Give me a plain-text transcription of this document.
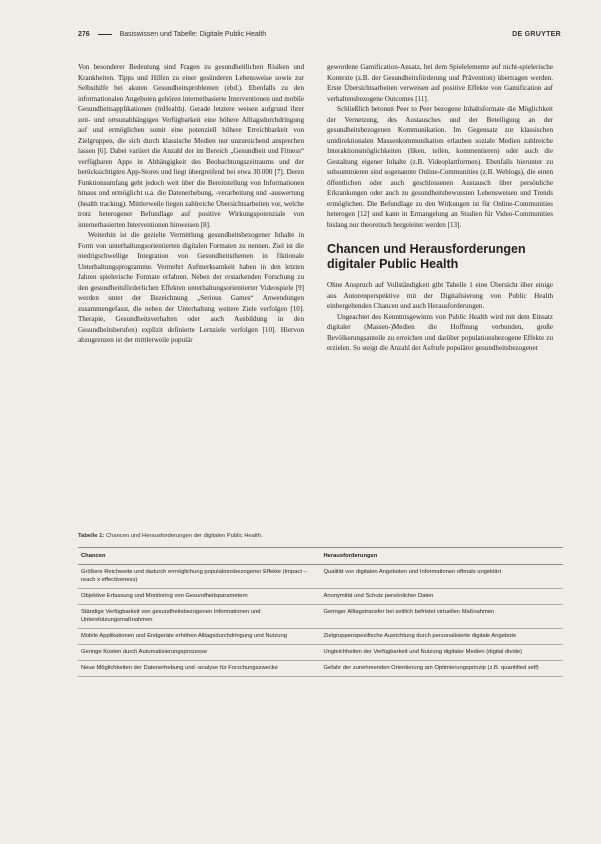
276	Basiswissen und Tabelle: Digitale Public Health	DE GRUYTER

Von besonderer Bedeutung sind Fragen zu gesundheitlichen Risiken und Krankheiten. Tipps und Hilfen zu einer gesünderen Lebensweise sowie zur Selbsthilfe bei akuten Gesundheitsproblemen (ebd.). Ebenfalls zu den informationalen Angeboten gehören internetbasierte Interventionen und mobile Gesundheitsapplikationen (mHealth). Gerade letztere weisen aufgrund ihrer zeit- und ortsunabhängigen Verfügbarkeit eine höhere Alltagsdurchdringung auf und ermöglichen somit eine potenziell höhere Erreichbarkeit von Zielgruppen, die sich durch klassische Medien nur unzureichend ansprechen lassen [6]. Dabei variiert die Anzahl der im Bereich „Gesundheit und Fitness“ verfügbaren Apps in Abhängigkeit des Beobachtungszeitraums und der berücksichtigten App-Stores und liegt übergreifend bei etwa 30.000 [7]. Deren Funktionsumfang geht jedoch weit über die Bereitstellung von Informationen hinaus und ermöglicht u.a. die Datenerhebung, -verarbeitung und -auswertung (health tracking). Mittlerweile liegen zahlreiche Übersichtsarbeiten vor, welche trotz heterogener Befundlage auf positive Wirkungspotenziale von internetbasierten Interventionen hinweisen [8].

Weiterhin ist die gezielte Vermittlung gesundheitsbezogener Inhalte in Form von unterhaltungsorientierten digitalen Formaten zu nennen. Ziel ist die niedrigschwellige Integration von Gesundheitsthemen in fiktionale Unterhaltungsprogramme. Vermehrt Aufmerksamkeit haben in den letzten Jahren spielerische Formate erfahren. Neben der erstarkenden Forschung zu den gesundheitsförderlichen Effekten unterhaltungsorientierter Videospiele [9] werden unter der Bezeichnung „Serious Games“ Anwendungen zusammengefasst, die neben der Unterhaltung weitere Ziele verfolgen [10]. Therapie, Gesundheitsverhalten oder auch Ausbildung in den Gesundheitsberufen) explizit definierte Lernziele verfolgen [10]. Hiervon abzugrenzen ist der mittlerweile populär

gewordene Gamification-Ansatz, bei dem Spielelemente auf nicht-spielerische Kontexte (z.B. der Gesundheitsförderung und Prävention) übertragen werden. Erste Übersichtsarbeiten verweisen auf positive Effekte von Gamification auf verhaltensbezogene Outcomes [11].

Schließlich betonen Peer to Peer bezogene Inhaltsformate die Möglichkeit der Vernetzung, des Austausches und der Beteiligung an der gesundheitsbezogenen Kommunikation. Im Gegensatz zur klassischen unidirektionalen Massenkommunikation erlauben soziale Medien zahlreiche Interaktionsmöglichkeiten (liken, teilen, kommentieren) oder auch die Gestaltung eigener Inhalte (z.B. Videoplattformen). Ebenfalls hierunter zu subsummieren sind sogenannte Online-Communities (z.B. Weblogs), die einen öffentlichen oder auch geschlossenen Austausch über persönliche Erkrankungen oder auch zu gesundheitsbewussten Lebensweisen und Trends ermöglichen. Die Befundlage zu den Wirkungen ist für Online-Communities heterogen [12] und kann in Ermangelung an Studien für Video-Communities bislang nur theoretisch hergeleitet werden [13].

Chancen und Herausforderungen digitaler Public Health

Ohne Anspruch auf Vollständigkeit gibt Tabelle 1 eine Übersicht über einige aus Autorenperspektive mit der Digitalisierung von Public Health einhergehenden Chancen und auch Herausforderungen.

Ungeachtet des Kenntnisgewinns von Public Health wird mit dem Einsatz digitaler (Massen-)Medien die Hoffnung verbunden, große Bevölkerungsanteile zu erreichen und darüber populationsbezogene Effekte zu erzielen. So steigt die Anzahl der Aufrufe populärer gesundheitsbezogener

Tabelle 1: Chancen und Herausforderungen der digitalen Public Health.
Chancen	Herausforderungen
Größere Reichweite und dadurch ermöglichung populationsbezogener Effekte (Impact – reach x effectiveness)	Qualität von digitalen Angeboten und Informationen oftmals ungeklärt
Objektive Erfassung und Monitoring von Gesundheitsparametern	Anonymität und Schutz persönlicher Daten
Ständige Verfügbarkeit von gesundheitsbezogenen Informationen und Unterstützungsmaßnahmen	Geringer Alltagstransfer bei zeitlich befristet virtuellen Maßnahmen
Mobile Applikationen und Endgeräte erhöhen Alltagsdurchdringung und Nutzung	Zielgruppenspezifische Ausrichtung durch personalisierte digitale Angebote
Geringe Kosten durch Automatisierungsprozesse	Ungleichheiten der Verfügbarkeit und Nutzung digitaler Medien (digital divide)
Neue Möglichkeiten der Datenerhebung und -analyse für Forschungszwecke	Gefahr der zunehmenden Orientierung am Optimierungsprinzip (z.B. quantified self)
